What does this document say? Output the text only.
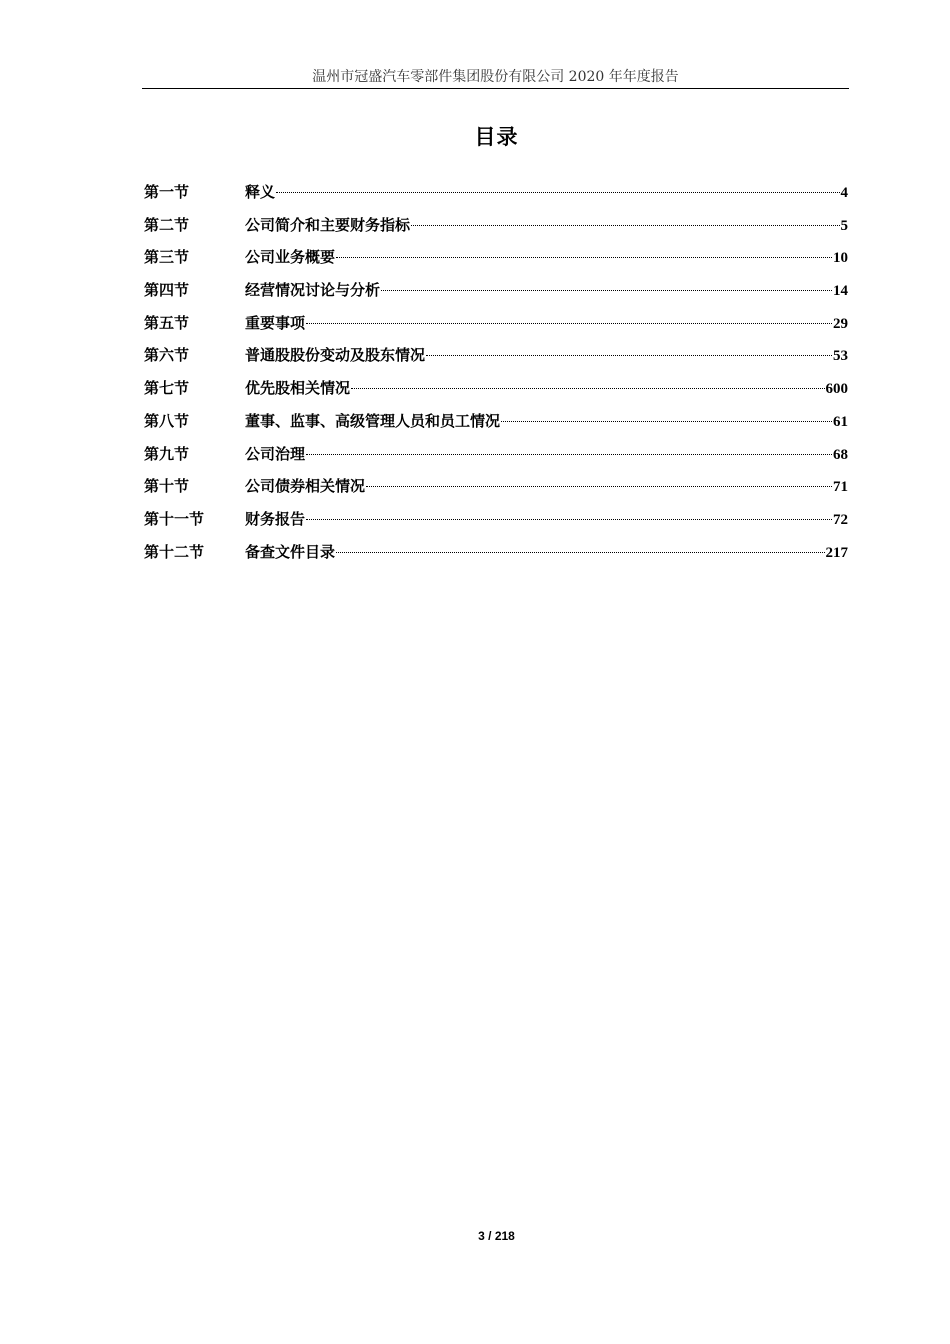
温州市冠盛汽车零部件集团股份有限公司 2020 年年度报告
目录
第一节	释义	4
第二节	公司简介和主要财务指标	5
第三节	公司业务概要	10
第四节	经营情况讨论与分析	14
第五节	重要事项	29
第六节	普通股股份变动及股东情况	53
第七节	优先股相关情况	600
第八节	董事、监事、高级管理人员和员工情况	61
第九节	公司治理	68
第十节	公司债券相关情况	71
第十一节	财务报告	72
第十二节	备查文件目录	217
3 / 218
